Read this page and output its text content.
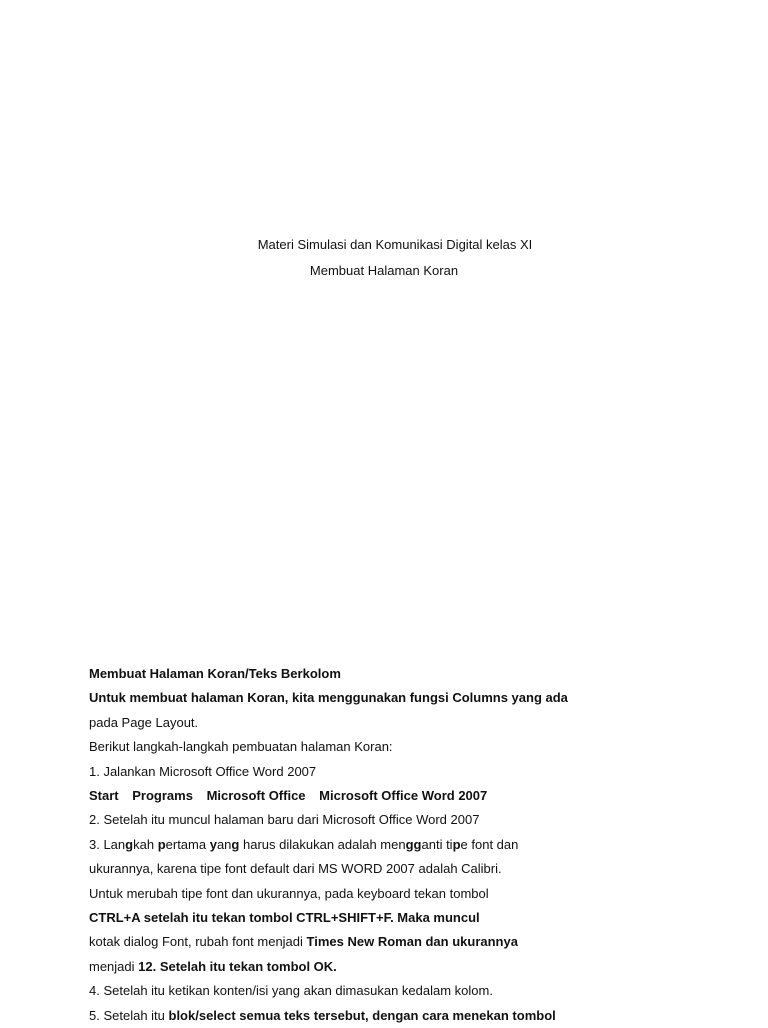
Materi Simulasi dan Komunikasi Digital kelas XI
Membuat Halaman Koran
Membuat Halaman Koran/Teks Berkolom
Untuk membuat halaman Koran, kita menggunakan fungsi Columns yang ada
pada Page Layout.
Berikut langkah-langkah pembuatan halaman Koran:
1. Jalankan Microsoft Office Word 2007
Start Programs Microsoft Office Microsoft Office Word 2007
2. Setelah itu muncul halaman baru dari Microsoft Office Word 2007
3. Langkah pertama yang harus dilakukan adalah mengganti tipe font dan
ukurannya, karena tipe font default dari MS WORD 2007 adalah Calibri.
Untuk merubah tipe font dan ukurannya, pada keyboard tekan tombol
CTRL+A setelah itu tekan tombol CTRL+SHIFT+F. Maka muncul
kotak dialog Font, rubah font menjadi Times New Roman dan ukurannya
menjadi 12. Setelah itu tekan tombol OK.
4. Setelah itu ketikan konten/isi yang akan dimasukan kedalam kolom.
5. Setelah itu blok/select semua teks tersebut, dengan cara menekan tombol
